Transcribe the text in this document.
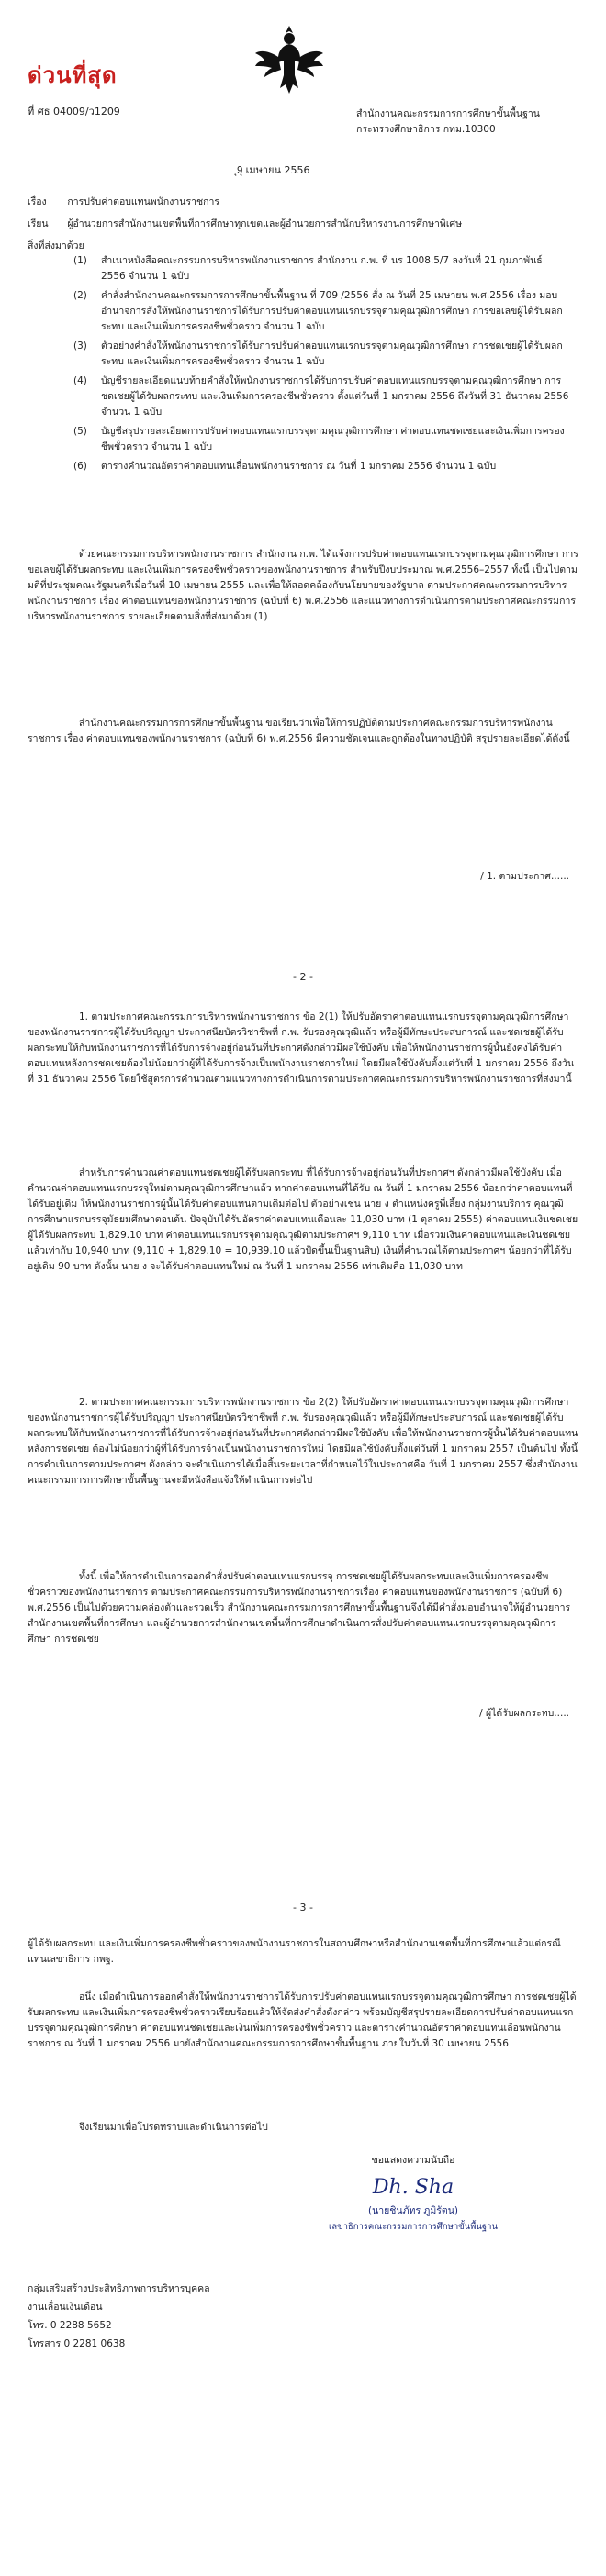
ด่วนที่สุด
ที่ ศธ 04009/ว1209	สำนักงานคณะกรรมการการศึกษาขั้นพื้นฐาน
กระทรวงศึกษาธิการ กทม.10300
ุ9ุ เมษายน 2556
เรื่อง การปรับค่าตอบแทนพนักงานราชการ
เรียน ผู้อำนวยการสำนักงานเขตพื้นที่การศึกษาทุกเขตและผู้อำนวยการสำนักบริหารงานการศึกษาพิเศษ
สิ่งที่ส่งมาด้วย
(1)	สำเนาหนังสือคณะกรรมการบริหารพนักงานราชการ สำนักงาน ก.พ. ที่ นร 1008.5/7 ลงวันที่ 21 กุมภาพันธ์ 2556 จำนวน 1 ฉบับ
(2)	คำสั่งสำนักงานคณะกรรมการการศึกษาขั้นพื้นฐาน ที่ 709 /2556 สั่ง ณ วันที่ 25 เมษายน พ.ศ.2556 เรื่อง มอบอำนาจการสั่งให้พนักงานราชการได้รับการปรับค่าตอบแทนแรกบรรจุตามคุณวุฒิการศึกษา การขอเลขผู้ได้รับผลกระทบ และเงินเพิ่มการครองชีพชั่วคราว จำนวน 1 ฉบับ
(3)	ตัวอย่างคำสั่งให้พนักงานราชการได้รับการปรับค่าตอบแทนแรกบรรจุตามคุณวุฒิการศึกษา การชดเชยผู้ได้รับผลกระทบ และเงินเพิ่มการครองชีพชั่วคราว จำนวน 1 ฉบับ
(4)	บัญชีรายละเอียดแนบท้ายคำสั่งให้พนักงานราชการได้รับการปรับค่าตอบแทนแรกบรรจุตามคุณวุฒิการศึกษา การชดเชยผู้ได้รับผลกระทบ และเงินเพิ่มการครองชีพชั่วคราว ตั้งแต่วันที่ 1 มกราคม 2556 ถึงวันที่ 31 ธันวาคม 2556 จำนวน 1 ฉบับ
(5)	บัญชีสรุปรายละเอียดการปรับค่าตอบแทนแรกบรรจุตามคุณวุฒิการศึกษา ค่าตอบแทนชดเชยและเงินเพิ่มการครองชีพชั่วคราว จำนวน 1 ฉบับ
(6)	ตารางคำนวณอัตราค่าตอบแทนเลื่อนพนักงานราชการ ณ วันที่ 1 มกราคม 2556 จำนวน 1 ฉบับ

ด้วยคณะกรรมการบริหารพนักงานราชการ สำนักงาน ก.พ. ได้แจ้งการปรับค่าตอบแทนแรกบรรจุตามคุณวุฒิการศึกษา การขอเลขผู้ได้รับผลกระทบ และเงินเพิ่มการครองชีพชั่วคราวของพนักงานราชการ สำหรับปีงบประมาณ พ.ศ.2556–2557 ทั้งนี้ เป็นไปตามมติที่ประชุมคณะรัฐมนตรีเมื่อวันที่ 10 เมษายน 2555 และเพื่อให้สอดคล้องกับนโยบายของรัฐบาล ตามประกาศคณะกรรมการบริหารพนักงานราชการ เรื่อง ค่าตอบแทนของพนักงานราชการ (ฉบับที่ 6) พ.ศ.2556 และแนวทางการดำเนินการตามประกาศคณะกรรมการบริหารพนักงานราชการ รายละเอียดตามสิ่งที่ส่งมาด้วย (1)

สำนักงานคณะกรรมการการศึกษาขั้นพื้นฐาน ขอเรียนว่าเพื่อให้การปฏิบัติตามประกาศคณะกรรมการบริหารพนักงานราชการ เรื่อง ค่าตอบแทนของพนักงานราชการ (ฉบับที่ 6) พ.ศ.2556 มีความชัดเจนและถูกต้องในทางปฏิบัติ สรุปรายละเอียดได้ดังนี้

/ 1. ตามประกาศ......
- 2 -

1. ตามประกาศคณะกรรมการบริหารพนักงานราชการ ข้อ 2(1) ให้ปรับอัตราค่าตอบแทนแรกบรรจุตามคุณวุฒิการศึกษาของพนักงานราชการผู้ได้รับปริญญา ประกาศนียบัตรวิชาชีพที่ ก.พ. รับรองคุณวุฒิแล้ว หรือผู้มีทักษะประสบการณ์ และชดเชยผู้ได้รับผลกระทบให้กับพนักงานราชการที่ได้รับการจ้างอยู่ก่อนวันที่ประกาศดังกล่าวมีผลใช้บังคับ เพื่อให้พนักงานราชการผู้นั้นยังคงได้รับค่าตอบแทนหลังการชดเชยต้องไม่น้อยกว่าผู้ที่ได้รับการจ้างเป็นพนักงานราชการใหม่ โดยมีผลใช้บังคับตั้งแต่วันที่ 1 มกราคม 2556 ถึงวันที่ 31 ธันวาคม 2556 โดยใช้สูตรการคำนวณตามแนวทางการดำเนินการตามประกาศคณะกรรมการบริหารพนักงานราชการที่ส่งมานี้

สำหรับการคำนวณค่าตอบแทนชดเชยผู้ได้รับผลกระทบ ที่ได้รับการจ้างอยู่ก่อนวันที่ประกาศฯ ดังกล่าวมีผลใช้บังคับ เมื่อคำนวณค่าตอบแทนแรกบรรจุใหม่ตามคุณวุฒิการศึกษาแล้ว หากค่าตอบแทนที่ได้รับ ณ วันที่ 1 มกราคม 2556 น้อยกว่าค่าตอบแทนที่ได้รับอยู่เดิม ให้พนักงานราชการผู้นั้นได้รับค่าตอบแทนตามเดิมต่อไป ตัวอย่างเช่น นาย ง ตำแหน่งครูพี่เลี้ยง กลุ่มงานบริการ คุณวุฒิการศึกษาแรกบรรจุมัธยมศึกษาตอนต้น ปัจจุบันได้รับอัตราค่าตอบแทนเดือนละ 11,030 บาท (1 ตุลาคม 2555) ค่าตอบแทนเงินชดเชยผู้ได้รับผลกระทบ 1,829.10 บาท ค่าตอบแทนแรกบรรจุตามคุณวุฒิตามประกาศฯ 9,110 บาท เมื่อรวมเงินค่าตอบแทนและเงินชดเชยแล้วเท่ากับ 10,940 บาท (9,110 + 1,829.10 = 10,939.10 แล้วปัดขึ้นเป็นฐานสิบ) เงินที่คำนวณได้ตามประกาศฯ น้อยกว่าที่ได้รับอยู่เดิม 90 บาท ดังนั้น นาย ง จะได้รับค่าตอบแทนใหม่ ณ วันที่ 1 มกราคม 2556 เท่าเดิมคือ 11,030 บาท

2. ตามประกาศคณะกรรมการบริหารพนักงานราชการ ข้อ 2(2) ให้ปรับอัตราค่าตอบแทนแรกบรรจุตามคุณวุฒิการศึกษาของพนักงานราชการผู้ได้รับปริญญา ประกาศนียบัตรวิชาชีพที่ ก.พ. รับรองคุณวุฒิแล้ว หรือผู้มีทักษะประสบการณ์ และชดเชยผู้ได้รับผลกระทบให้กับพนักงานราชการที่ได้รับการจ้างอยู่ก่อนวันที่ประกาศดังกล่าวมีผลใช้บังคับ เพื่อให้พนักงานราชการผู้นั้นได้รับค่าตอบแทนหลังการชดเชย ต้องไม่น้อยกว่าผู้ที่ได้รับการจ้างเป็นพนักงานราชการใหม่ โดยมีผลใช้บังคับตั้งแต่วันที่ 1 มกราคม 2557 เป็นต้นไป ทั้งนี้ การดำเนินการตามประกาศฯ ดังกล่าว จะดำเนินการได้เมื่อสิ้นระยะเวลาที่กำหนดไว้ในประกาศคือ วันที่ 1 มกราคม 2557 ซึ่งสำนักงานคณะกรรมการการศึกษาขั้นพื้นฐานจะมีหนังสือแจ้งให้ดำเนินการต่อไป

ทั้งนี้ เพื่อให้การดำเนินการออกคำสั่งปรับค่าตอบแทนแรกบรรจุ การชดเชยผู้ได้รับผลกระทบและเงินเพิ่มการครองชีพชั่วคราวของพนักงานราชการ ตามประกาศคณะกรรมการบริหารพนักงานราชการเรื่อง ค่าตอบแทนของพนักงานราชการ (ฉบับที่ 6) พ.ศ.2556 เป็นไปด้วยความคล่องตัวและรวดเร็ว สำนักงานคณะกรรมการการศึกษาขั้นพื้นฐานจึงได้มีคำสั่งมอบอำนาจให้ผู้อำนวยการสำนักงานเขตพื้นที่การศึกษา และผู้อำนวยการสำนักงานเขตพื้นที่การศึกษาดำเนินการสั่งปรับค่าตอบแทนแรกบรรจุตามคุณวุฒิการศึกษา การชดเชย

/ ผู้ได้รับผลกระทบ.....
- 3 -

ผู้ได้รับผลกระทบ และเงินเพิ่มการครองชีพชั่วคราวของพนักงานราชการในสถานศึกษาหรือสำนักงานเขตพื้นที่การศึกษาแล้วแต่กรณี แทนเลขาธิการ กพฐ.

อนึ่ง เมื่อดำเนินการออกคำสั่งให้พนักงานราชการได้รับการปรับค่าตอบแทนแรกบรรจุตามคุณวุฒิการศึกษา การชดเชยผู้ได้รับผลกระทบ และเงินเพิ่มการครองชีพชั่วคราวเรียบร้อยแล้วให้จัดส่งคำสั่งดังกล่าว พร้อมบัญชีสรุปรายละเอียดการปรับค่าตอบแทนแรกบรรจุตามคุณวุฒิการศึกษา ค่าตอบแทนชดเชยและเงินเพิ่มการครองชีพชั่วคราว และตารางคำนวณอัตราค่าตอบแทนเลื่อนพนักงานราชการ ณ วันที่ 1 มกราคม 2556 มายังสำนักงานคณะกรรมการการศึกษาขั้นพื้นฐาน ภายในวันที่ 30 เมษายน 2556

จึงเรียนมาเพื่อโปรดทราบและดำเนินการต่อไป

ขอแสดงความนับถือ
Dh. Sha
(นายชินภัทร ภูมิรัตน)
เลขาธิการคณะกรรมการการศึกษาขั้นพื้นฐาน
กลุ่มเสริมสร้างประสิทธิภาพการบริหารบุคคล
งานเลื่อนเงินเดือน
โทร. 0 2288 5652
โทรสาร 0 2281 0638
